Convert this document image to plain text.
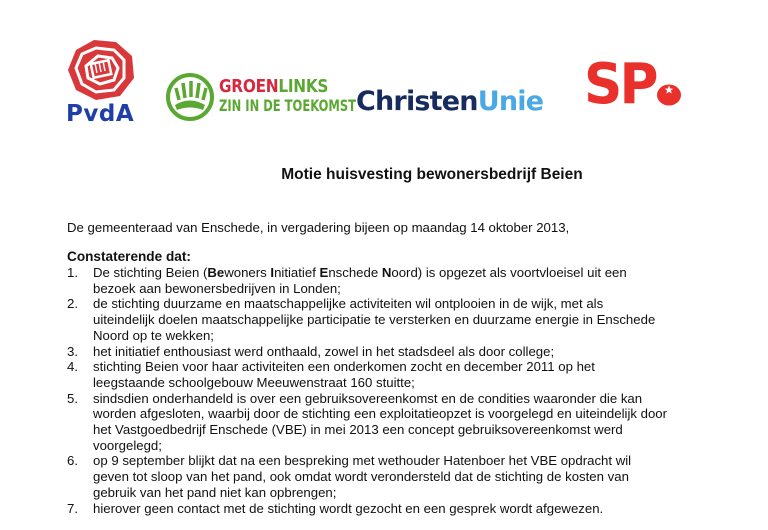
PvdA
GROENLINKS
ZIN IN DE TOEKOMST ChristenUnie SP
Motie huisvesting bewonersbedrijf Beien
De gemeenteraad van Enschede, in vergadering bijeen op maandag 14 oktober 2013,
Constaterende dat:
1. De stichting Beien (Bewoners Initiatief Enschede Noord) is opgezet als voortvloeisel uit een
bezoek aan bewonersbedrijven in Londen;
2. de stichting duurzame en maatschappelijke activiteiten wil ontplooien in de wijk, met als
uiteindelijk doelen maatschappelijke participatie te versterken en duurzame energie in Enschede
Noord op te wekken;
3. het initiatief enthousiast werd onthaald, zowel in het stadsdeel als door college;
4. stichting Beien voor haar activiteiten een onderkomen zocht en december 2011 op het
leegstaande schoolgebouw Meeuwenstraat 160 stuitte;
5. sindsdien onderhandeld is over een gebruiksovereenkomst en de condities waaronder die kan
worden afgesloten, waarbij door de stichting een exploitatieopzet is voorgelegd en uiteindelijk door
het Vastgoedbedrijf Enschede (VBE) in mei 2013 een concept gebruiksovereenkomst werd
voorgelegd;
6. op 9 september blijkt dat na een bespreking met wethouder Hatenboer het VBE opdracht wil
geven tot sloop van het pand, ook omdat wordt verondersteld dat de stichting de kosten van
gebruik van het pand niet kan opbrengen;
7. hierover geen contact met de stichting wordt gezocht en een gesprek wordt afgewezen.
